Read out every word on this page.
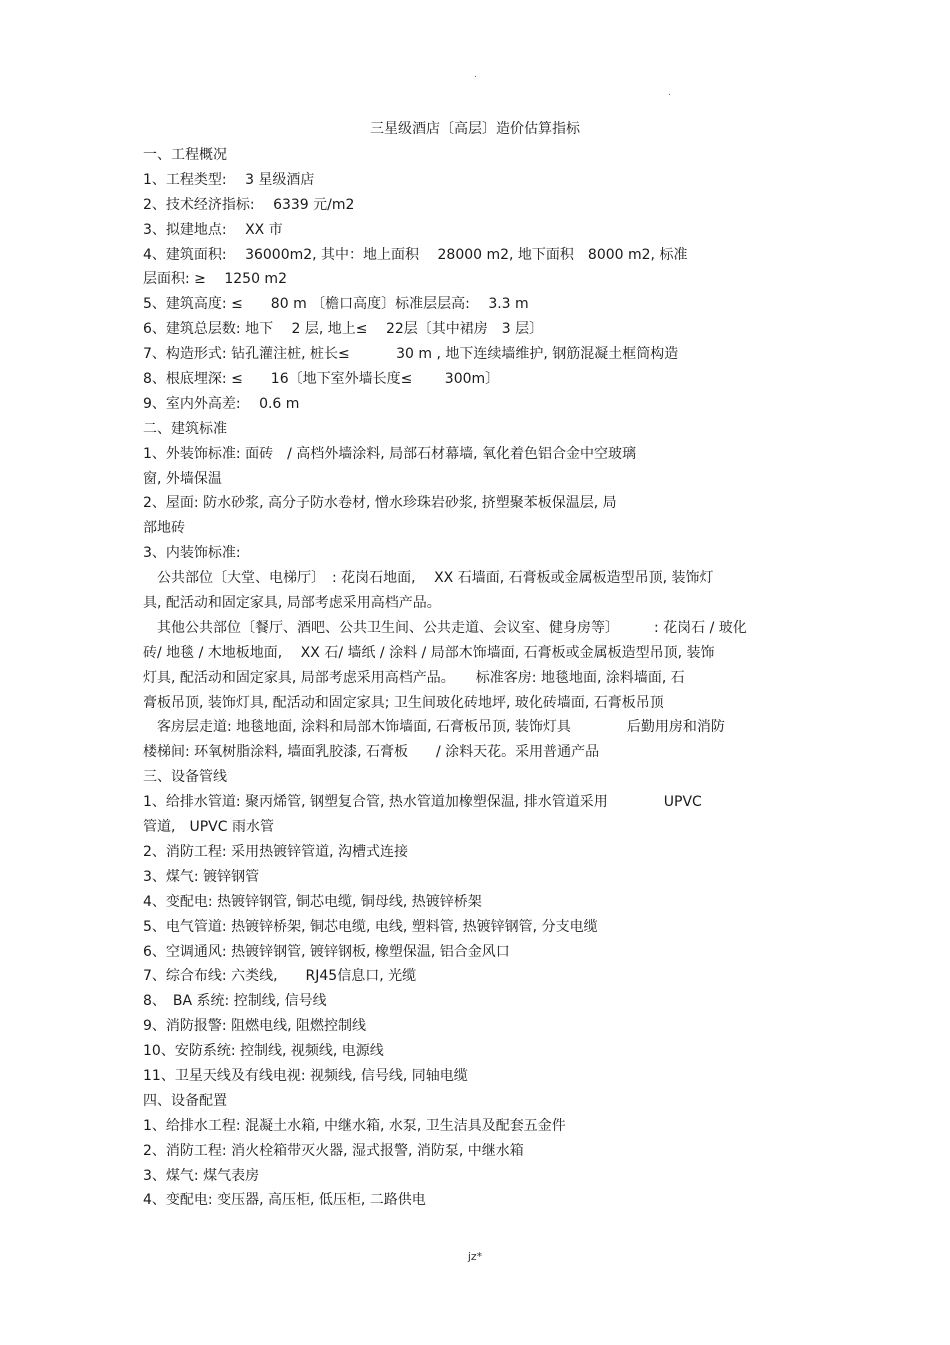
.
.
三星级酒店〔高层〕造价估算指标
一、工程概况
1、工程类型:　 3 星级酒店
2、技术经济指标:　 6339 元/m2
3、拟建地点:　 XX 市
4、建筑面积:　 36000m2, 其中：地上面积　 28000 m2, 地下面积　8000 m2, 标准
层面积: ≥　 1250 m2
5、建筑高度: ≤　　80 m 〔檐口高度〕标准层层高:　 3.3 m
6、建筑总层数: 地下　 2 层, 地上≤　 22层〔其中裙房　3 层〕
7、构造形式: 钻孔灌注桩, 桩长≤　　　 30 m , 地下连续墙维护, 钢筋混凝土框筒构造
8、根底埋深: ≤　　16〔地下室外墙长度≤　　 300m〕
9、室内外高差:　 0.6 m
二、建筑标准
1、外装饰标准: 面砖　/ 高档外墙涂料, 局部石材幕墙, 氧化着色铝合金中空玻璃
窗, 外墙保温
2、屋面: 防水砂浆, 高分子防水卷材, 憎水珍珠岩砂浆, 挤塑聚苯板保温层, 局
部地砖
3、内装饰标准:
　公共部位〔大堂、电梯厅〕　: 花岗石地面,　 XX 石墙面, 石膏板或金属板造型吊顶, 装饰灯
具, 配活动和固定家具, 局部考虑采用高档产品。
　其他公共部位〔餐厅、酒吧、公共卫生间、公共走道、会议室、健身房等〕　　　: 花岗石 / 玻化
砖/ 地毯 / 木地板地面,　 XX 石/ 墙纸 / 涂料 / 局部木饰墙面, 石膏板或金属板造型吊顶, 装饰
灯具, 配活动和固定家具, 局部考虑采用高档产品。　　标准客房: 地毯地面, 涂料墙面, 石
膏板吊顶, 装饰灯具, 配活动和固定家具; 卫生间玻化砖地坪, 玻化砖墙面, 石膏板吊顶
　客房层走道: 地毯地面, 涂料和局部木饰墙面, 石膏板吊顶, 装饰灯具　　　　后勤用房和消防
楼梯间: 环氧树脂涂料, 墙面乳胶漆, 石膏板　　/ 涂料天花。采用普通产品
三、设备管线
1、给排水管道: 聚丙烯管, 钢塑复合管, 热水管道加橡塑保温, 排水管道采用　　　　UPVC
管道,　UPVC 雨水管
2、消防工程: 采用热镀锌管道, 沟槽式连接
3、煤气: 镀锌钢管
4、变配电: 热镀锌钢管, 铜芯电缆, 铜母线, 热镀锌桥架
5、电气管道: 热镀锌桥架, 铜芯电缆, 电线, 塑料管, 热镀锌钢管, 分支电缆
6、空调通风: 热镀锌钢管, 镀锌钢板, 橡塑保温, 铝合金风口
7、综合布线: 六类线,　　RJ45信息口, 光缆
8、　BA 系统: 控制线, 信号线
9、消防报警: 阻燃电线, 阻燃控制线
10、安防系统: 控制线, 视频线, 电源线
11、卫星天线及有线电视: 视频线, 信号线, 同轴电缆
四、设备配置
1、给排水工程: 混凝土水箱, 中继水箱, 水泵, 卫生洁具及配套五金件
2、消防工程: 消火栓箱带灭火器, 湿式报警, 消防泵, 中继水箱
3、煤气: 煤气表房
4、变配电: 变压器, 高压柜, 低压柜, 二路供电
jz*
